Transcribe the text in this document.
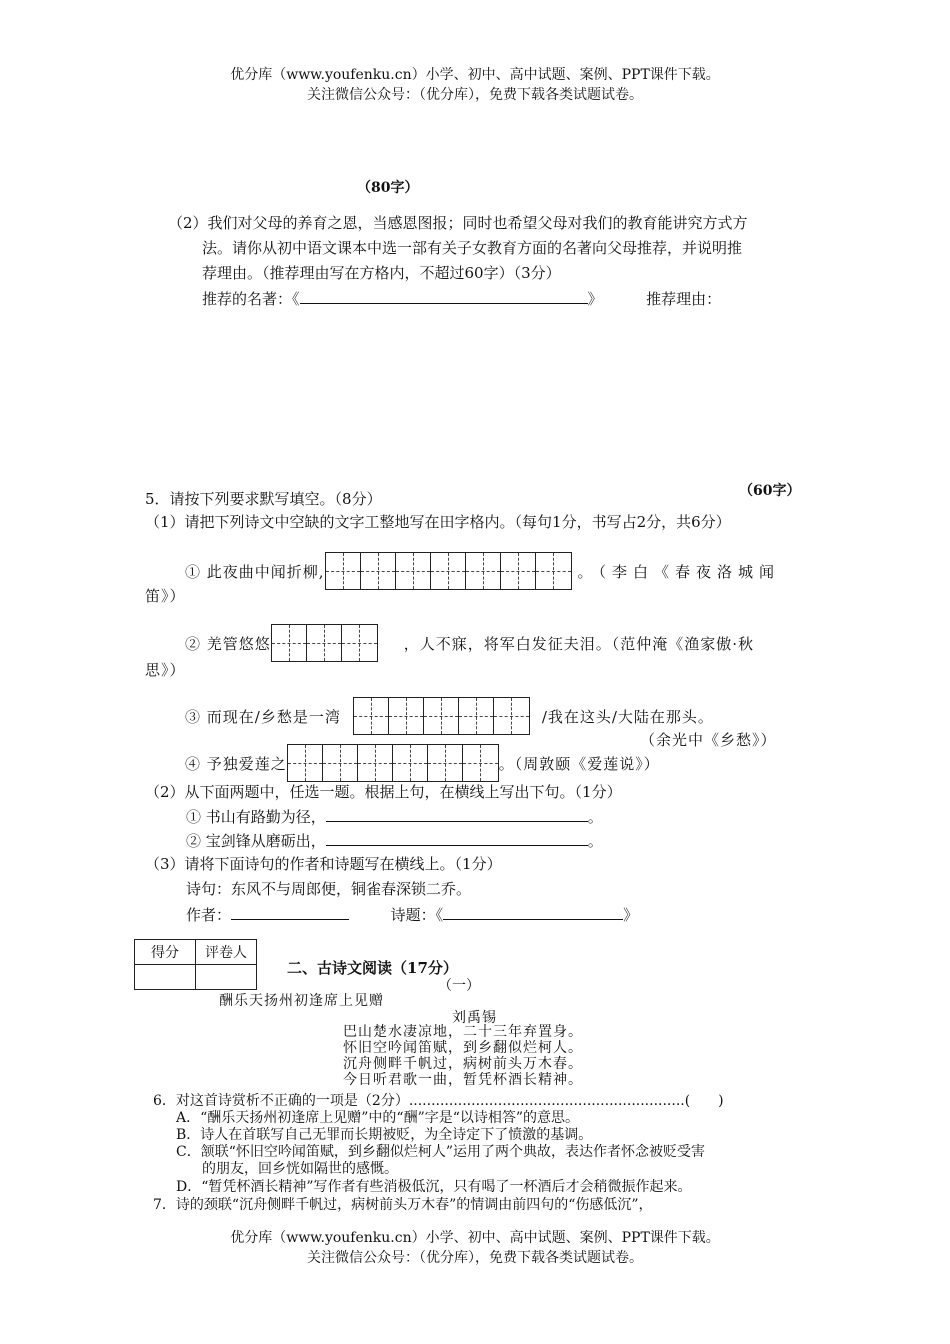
优分库（www.youfenku.cn）小学、初中、高中试题、案例、PPT课件下载。
关注微信公众号：（优分库），免费下载各类试题试卷。
（80字）
（2）我们对父母的养育之恩，当感恩图报；同时也希望父母对我们的教育能讲究方式方
法。请你从初中语文课本中选一部有关子女教育方面的名著向父母推荐，并说明推
荐理由。（推荐理由写在方格内，不超过60字）（3分）
推荐的名著：《	》	推荐理由：
（60字）
5．请按下列要求默写填空。（8分）
（1）请把下列诗文中空缺的文字工整地写在田字格内。（每句1分，书写占2分，共6分）
① 此夜曲中闻折柳,	。（李白《春夜洛城闻
笛》）
② 羌管悠悠	，人不寐，将军白发征夫泪。（范仲淹《渔家傲·秋
思》）
③ 而现在/乡愁是一湾	/我在这头/大陆在那头。
（余光中《乡愁》）
④ 予独爱莲之	。（周敦颐《爱莲说》）
（2）从下面两题中，任选一题。根据上句，在横线上写出下句。（1分）
① 书山有路勤为径，	。
② 宝剑锋从磨砺出，	。
（3）请将下面诗句的作者和诗题写在横线上。（1分）
诗句：东风不与周郎便，铜雀春深锁二乔。
作者：	诗题：《	》
得分	评卷人

二、古诗文阅读（17分）
（一）
酬乐天扬州初逢席上见赠
刘禹锡
巴山楚水凄凉地，二十三年弃置身。
怀旧空吟闻笛赋，到乡翻似烂柯人。
沉舟侧畔千帆过，病树前头万木春。
今日听君歌一曲，暂凭杯酒长精神。
6．对这首诗赏析不正确的一项是（2分）..............................................................(　　)
A．“酬乐天扬州初逢席上见赠”中的“酬”字是“以诗相答”的意思。
B．诗人在首联写自己无罪而长期被贬，为全诗定下了愤激的基调。
C．颔联“怀旧空吟闻笛赋，到乡翻似烂柯人”运用了两个典故，表达作者怀念被贬受害
的朋友，回乡恍如隔世的感慨。
D．“暂凭杯酒长精神”写作者有些消极低沉，只有喝了一杯酒后才会稍微振作起来。
7．诗的颈联“沉舟侧畔千帆过，病树前头万木春”的情调由前四句的“伤感低沉”，
优分库（www.youfenku.cn）小学、初中、高中试题、案例、PPT课件下载。
关注微信公众号：（优分库），免费下载各类试题试卷。
